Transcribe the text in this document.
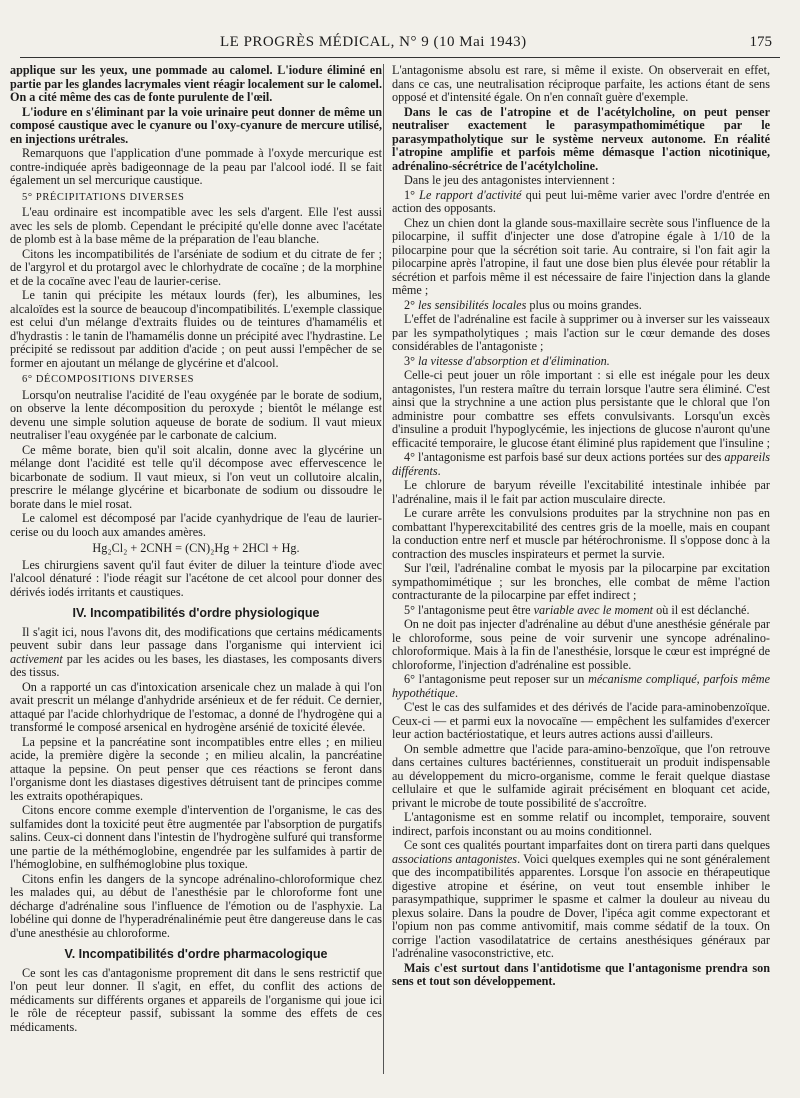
LE PROGRÈS MÉDICAL, N° 9 (10 Mai 1943)	175

applique sur les yeux, une pommade au calomel. L'iodure éliminé en partie par les glandes lacrymales vient réagir localement sur le calomel. On a cité même des cas de fonte purulente de l'œil.

L'iodure en s'éliminant par la voie urinaire peut donner de même un composé caustique avec le cyanure ou l'oxy-cyanure de mercure utilisé, en injections urétrales.

Remarquons que l'application d'une pommade à l'oxyde mercurique est contre-indiquée après badigeonnage de la peau par l'alcool iodé. Il se fait également un sel mercurique caustique.

5° PRÉCIPITATIONS DIVERSES

L'eau ordinaire est incompatible avec les sels d'argent. Elle l'est aussi avec les sels de plomb. Cependant le précipité qu'elle donne avec l'acétate de plomb est à la base même de la préparation de l'eau blanche.

Citons les incompatibilités de l'arséniate de sodium et du citrate de fer ; de l'argyrol et du protargol avec le chlorhydrate de cocaïne ; de la morphine et de la cocaïne avec l'eau de laurier-cerise.

Le tanin qui précipite les métaux lourds (fer), les albumines, les alcaloïdes est la source de beaucoup d'incompatibilités. L'exemple classique est celui d'un mélange d'extraits fluides ou de teintures d'hamamélis et d'hydrastis : le tanin de l'hamamélis donne un précipité avec l'hydrastine. Le précipité se redissout par addition d'acide ; on peut aussi l'empêcher de se former en ajoutant un mélange de glycérine et d'alcool.

6° DÉCOMPOSITIONS DIVERSES

Lorsqu'on neutralise l'acidité de l'eau oxygénée par le borate de sodium, on observe la lente décomposition du peroxyde ; bientôt le mélange est devenu une simple solution aqueuse de borate de sodium. Il vaut mieux neutraliser l'eau oxygénée par le carbonate de calcium.

Ce même borate, bien qu'il soit alcalin, donne avec la glycérine un mélange dont l'acidité est telle qu'il décompose avec effervescence le bicarbonate de sodium. Il vaut mieux, si l'on veut un collutoire alcalin, prescrire le mélange glycérine et bicarbonate de sodium ou dissoudre le borate dans le miel rosat.

Le calomel est décomposé par l'acide cyanhydrique de l'eau de laurier-cerise ou du looch aux amandes amères.

Hg₂Cl₂ + 2CNH = (CN)₂Hg + 2HCl + Hg.

Les chirurgiens savent qu'il faut éviter de diluer la teinture d'iode avec l'alcool dénaturé : l'iode réagit sur l'acétone de cet alcool pour donner des dérivés iodés irritants et caustiques.

IV. Incompatibilités d'ordre physiologique

Il s'agit ici, nous l'avons dit, des modifications que certains médicaments peuvent subir dans leur passage dans l'organisme qui intervient ici activement par les acides ou les bases, les diastases, les composants divers des tissus.

On a rapporté un cas d'intoxication arsenicale chez un malade à qui l'on avait prescrit un mélange d'anhydride arsénieux et de fer réduit. Ce dernier, attaqué par l'acide chlorhydrique de l'estomac, a donné de l'hydrogène qui a transformé le composé arsenical en hydrogène arsénié de toxicité élevée.

La pepsine et la pancréatine sont incompatibles entre elles ; en milieu acide, la première digère la seconde ; en milieu alcalin, la pancréatine attaque la pepsine. On peut penser que ces réactions se feront dans l'organisme dont les diastases digestives détruisent tant de principes comme les extraits opothérapiques.

Citons encore comme exemple d'intervention de l'organisme, le cas des sulfamides dont la toxicité peut être augmentée par l'absorption de purgatifs salins. Ceux-ci donnent dans l'intestin de l'hydrogène sulfuré qui transforme une partie de la méthémoglobine, engendrée par les sulfamides à partir de l'hémoglobine, en sulfhémoglobine plus toxique.

Citons enfin les dangers de la syncope adrénalino-chloroformique chez les malades qui, au début de l'anesthésie par le chloroforme font une décharge d'adrénaline sous l'influence de l'émotion ou de l'asphyxie. La lobéline qui donne de l'hyperadrénalinémie peut être dangereuse dans le cas d'une anesthésie au chloroforme.

V. Incompatibilités d'ordre pharmacologique

Ce sont les cas d'antagonisme proprement dit dans le sens restrictif que l'on peut leur donner. Il s'agit, en effet, du conflit des actions de médicaments sur différents organes et appareils de l'organisme qui joue ici le rôle de récepteur passif, subissant la somme des effets de ces médicaments.

L'antagonisme absolu est rare, si même il existe. On observerait en effet, dans ce cas, une neutralisation réciproque parfaite, les actions étant de sens opposé et d'intensité égale. On n'en connaît guère d'exemple.

Dans le cas de l'atropine et de l'acétylcholine, on peut penser neutraliser exactement le parasympathomimétique par le parasympatholytique sur le système nerveux autonome. En réalité l'atropine amplifie et parfois même démasque l'action nicotinique, adrénalino-sécrétrice de l'acétylcholine.

Dans le jeu des antagonistes interviennent :

1° Le rapport d'activité qui peut lui-même varier avec l'ordre d'entrée en action des opposants.

Chez un chien dont la glande sous-maxillaire secrète sous l'influence de la pilocarpine, il suffit d'injecter une dose d'atropine égale à 1/10 de la pilocarpine pour que la sécrétion soit tarie. Au contraire, si l'on fait agir la pilocarpine après l'atropine, il faut une dose bien plus élevée pour rétablir la sécrétion et parfois même il est nécessaire de faire l'injection dans la glande même ;

2° les sensibilités locales plus ou moins grandes.

L'effet de l'adrénaline est facile à supprimer ou à inverser sur les vaisseaux par les sympatholytiques ; mais l'action sur le cœur demande des doses considérables de l'antagoniste ;

3° la vitesse d'absorption et d'élimination.

Celle-ci peut jouer un rôle important : si elle est inégale pour les deux antagonistes, l'un restera maître du terrain lorsque l'autre sera éliminé. C'est ainsi que la strychnine a une action plus persistante que le chloral que l'on administre pour combattre ses effets convulsivants. Lorsqu'un excès d'insuline a produit l'hypoglycémie, les injections de glucose n'auront qu'une efficacité temporaire, le glucose étant éliminé plus rapidement que l'insuline ;

4° l'antagonisme est parfois basé sur deux actions portées sur des appareils différents.

Le chlorure de baryum réveille l'excitabilité intestinale inhibée par l'adrénaline, mais il le fait par action musculaire directe.

Le curare arrête les convulsions produites par la strychnine non pas en combattant l'hyperexcitabilité des centres gris de la moelle, mais en coupant la conduction entre nerf et muscle par hétérochronisme. Il s'oppose donc à la contraction des muscles inspirateurs et permet la survie.

Sur l'œil, l'adrénaline combat le myosis par la pilocarpine par excitation sympathomimétique ; sur les bronches, elle combat de même l'action contracturante de la pilocarpine par effet indirect ;

5° l'antagonisme peut être variable avec le moment où il est déclanché.

On ne doit pas injecter d'adrénaline au début d'une anesthésie générale par le chloroforme, sous peine de voir survenir une syncope adrénalino-chloroformique. Mais à la fin de l'anesthésie, lorsque le cœur est imprégné de chloroforme, l'injection d'adrénaline est possible.

6° l'antagonisme peut reposer sur un mécanisme compliqué, parfois même hypothétique.

C'est le cas des sulfamides et des dérivés de l'acide para-aminobenzoïque. Ceux-ci — et parmi eux la novocaïne — empêchent les sulfamides d'exercer leur action bactériostatique, et leurs autres actions aussi d'ailleurs.

On semble admettre que l'acide para-amino-benzoïque, que l'on retrouve dans certaines cultures bactériennes, constituerait un produit indispensable au développement du micro-organisme, comme le ferait quelque diastase cellulaire et que le sulfamide agirait précisément en bloquant cet acide, privant le microbe de toute possibilité de s'accroître.

L'antagonisme est en somme relatif ou incomplet, temporaire, souvent indirect, parfois inconstant ou au moins conditionnel.

Ce sont ces qualités pourtant imparfaites dont on tirera parti dans quelques associations antagonistes. Voici quelques exemples qui ne sont généralement que des incompatibilités apparentes. Lorsque l'on associe en thérapeutique digestive atropine et ésérine, on veut tout ensemble inhiber le parasympathique, supprimer le spasme et calmer la douleur au niveau du plexus solaire. Dans la poudre de Dover, l'ipéca agit comme expectorant et l'opium non pas comme antivomitif, mais comme sédatif de la toux. On corrige l'action vasodilatatrice de certains anesthésiques généraux par l'adrénaline vasoconstrictive, etc.

Mais c'est surtout dans l'antidotisme que l'antagonisme prendra son sens et tout son développement.
